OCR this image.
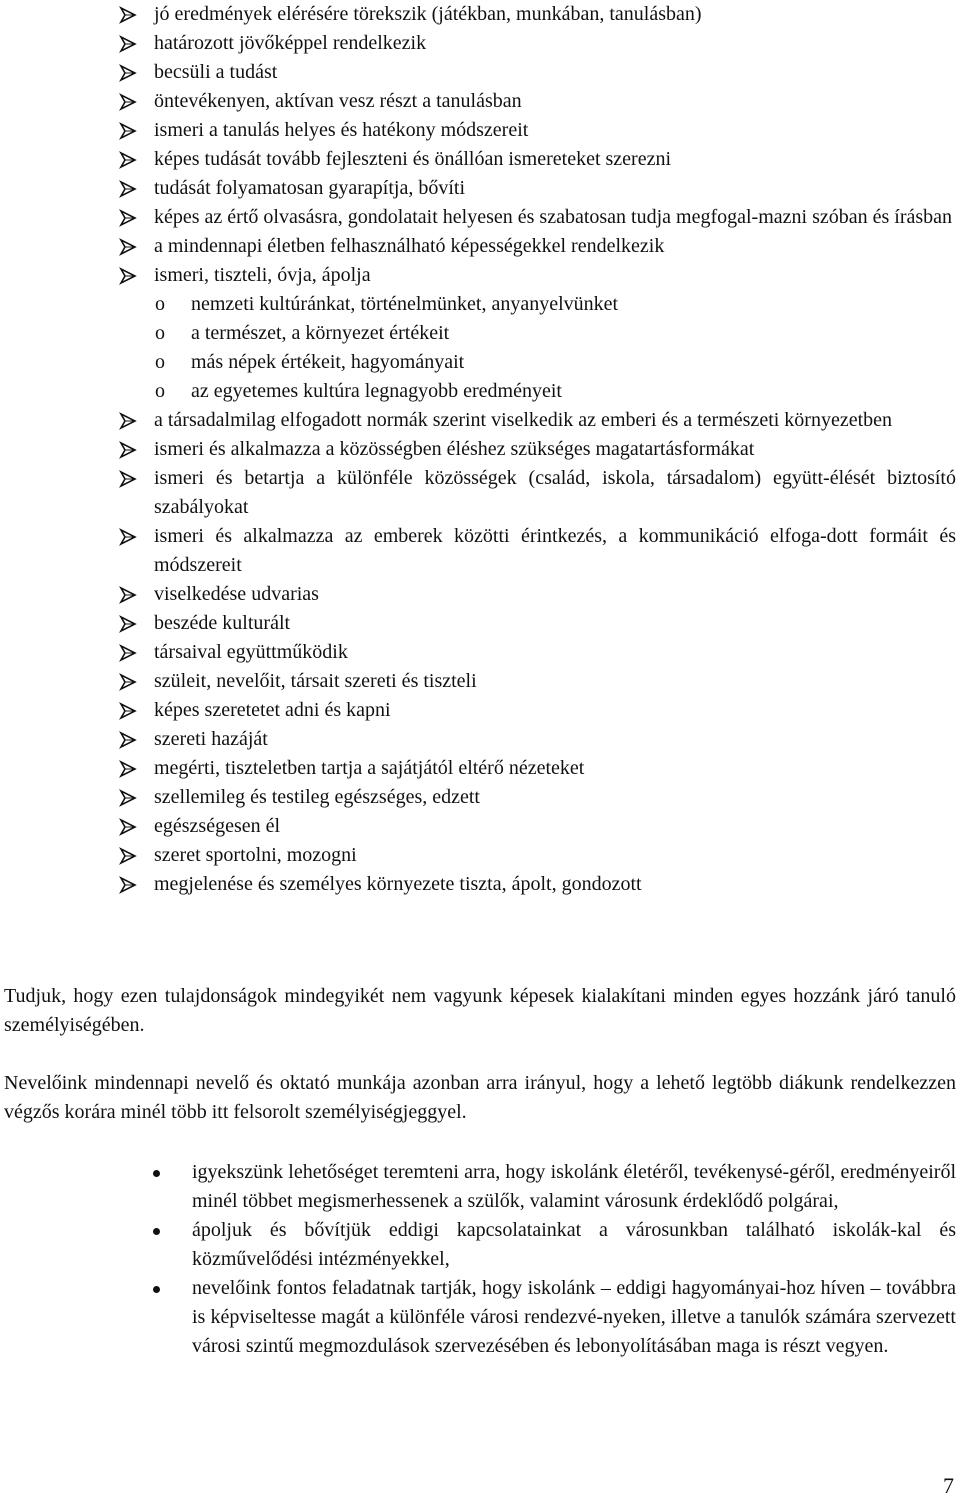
jó eredmények elérésére törekszik (játékban, munkában, tanulásban)
határozott jövőképpel rendelkezik
becsüli a tudást
öntevékenyen, aktívan vesz részt a tanulásban
ismeri a tanulás helyes és hatékony módszereit
képes tudását tovább fejleszteni és önállóan ismereteket szerezni
tudását folyamatosan gyarapítja, bővíti
képes az értő olvasásra, gondolatait helyesen és szabatosan tudja megfogal-mazni szóban és írásban
a mindennapi életben felhasználható képességekkel rendelkezik
ismeri, tiszteli, óvja, ápolja
o nemzeti kultúránkat, történelmünket, anyanyelvünket
o a természet, a környezet értékeit
o más népek értékeit, hagyományait
o az egyetemes kultúra legnagyobb eredményeit
a társadalmilag elfogadott normák szerint viselkedik az emberi és a természeti környezetben
ismeri és alkalmazza a közösségben éléshez szükséges magatartásformákat
ismeri és betartja a különféle közösségek (család, iskola, társadalom) együtt-élését biztosító szabályokat
ismeri és alkalmazza az emberek közötti érintkezés, a kommunikáció elfoga-dott formáit és módszereit
viselkedése udvarias
beszéde kulturált
társaival együttműködik
szüleit, nevelőit, társait szereti és tiszteli
képes szeretetet adni és kapni
szereti hazáját
megérti, tiszteletben tartja a sajátjától eltérő nézeteket
szellemileg és testileg egészséges, edzett
egészségesen él
szeret sportolni, mozogni
megjelenése és személyes környezete tiszta, ápolt, gondozott

Tudjuk, hogy ezen tulajdonságok mindegyikét nem vagyunk képesek kialakítani minden egyes hozzánk járó tanuló személyiségében.

Nevelőink mindennapi nevelő és oktató munkája azonban arra irányul, hogy a lehető legtöbb diákunk rendelkezzen végzős korára minél több itt felsorolt személyiségjeggyel.

igyekszünk lehetőséget teremteni arra, hogy iskolánk életéről, tevékenysé-géről, eredményeiről minél többet megismerhessenek a szülők, valamint városunk érdeklődő polgárai,
ápoljuk és bővítjük eddigi kapcsolatainkat a városunkban található iskolák-kal és közművelődési intézményekkel,
nevelőink fontos feladatnak tartják, hogy iskolánk – eddigi hagyományai-hoz híven – továbbra is képviseltesse magát a különféle városi rendezvé-nyeken, illetve a tanulók számára szervezett városi szintű megmozdulások szervezésében és lebonyolításában maga is részt vegyen.
7
